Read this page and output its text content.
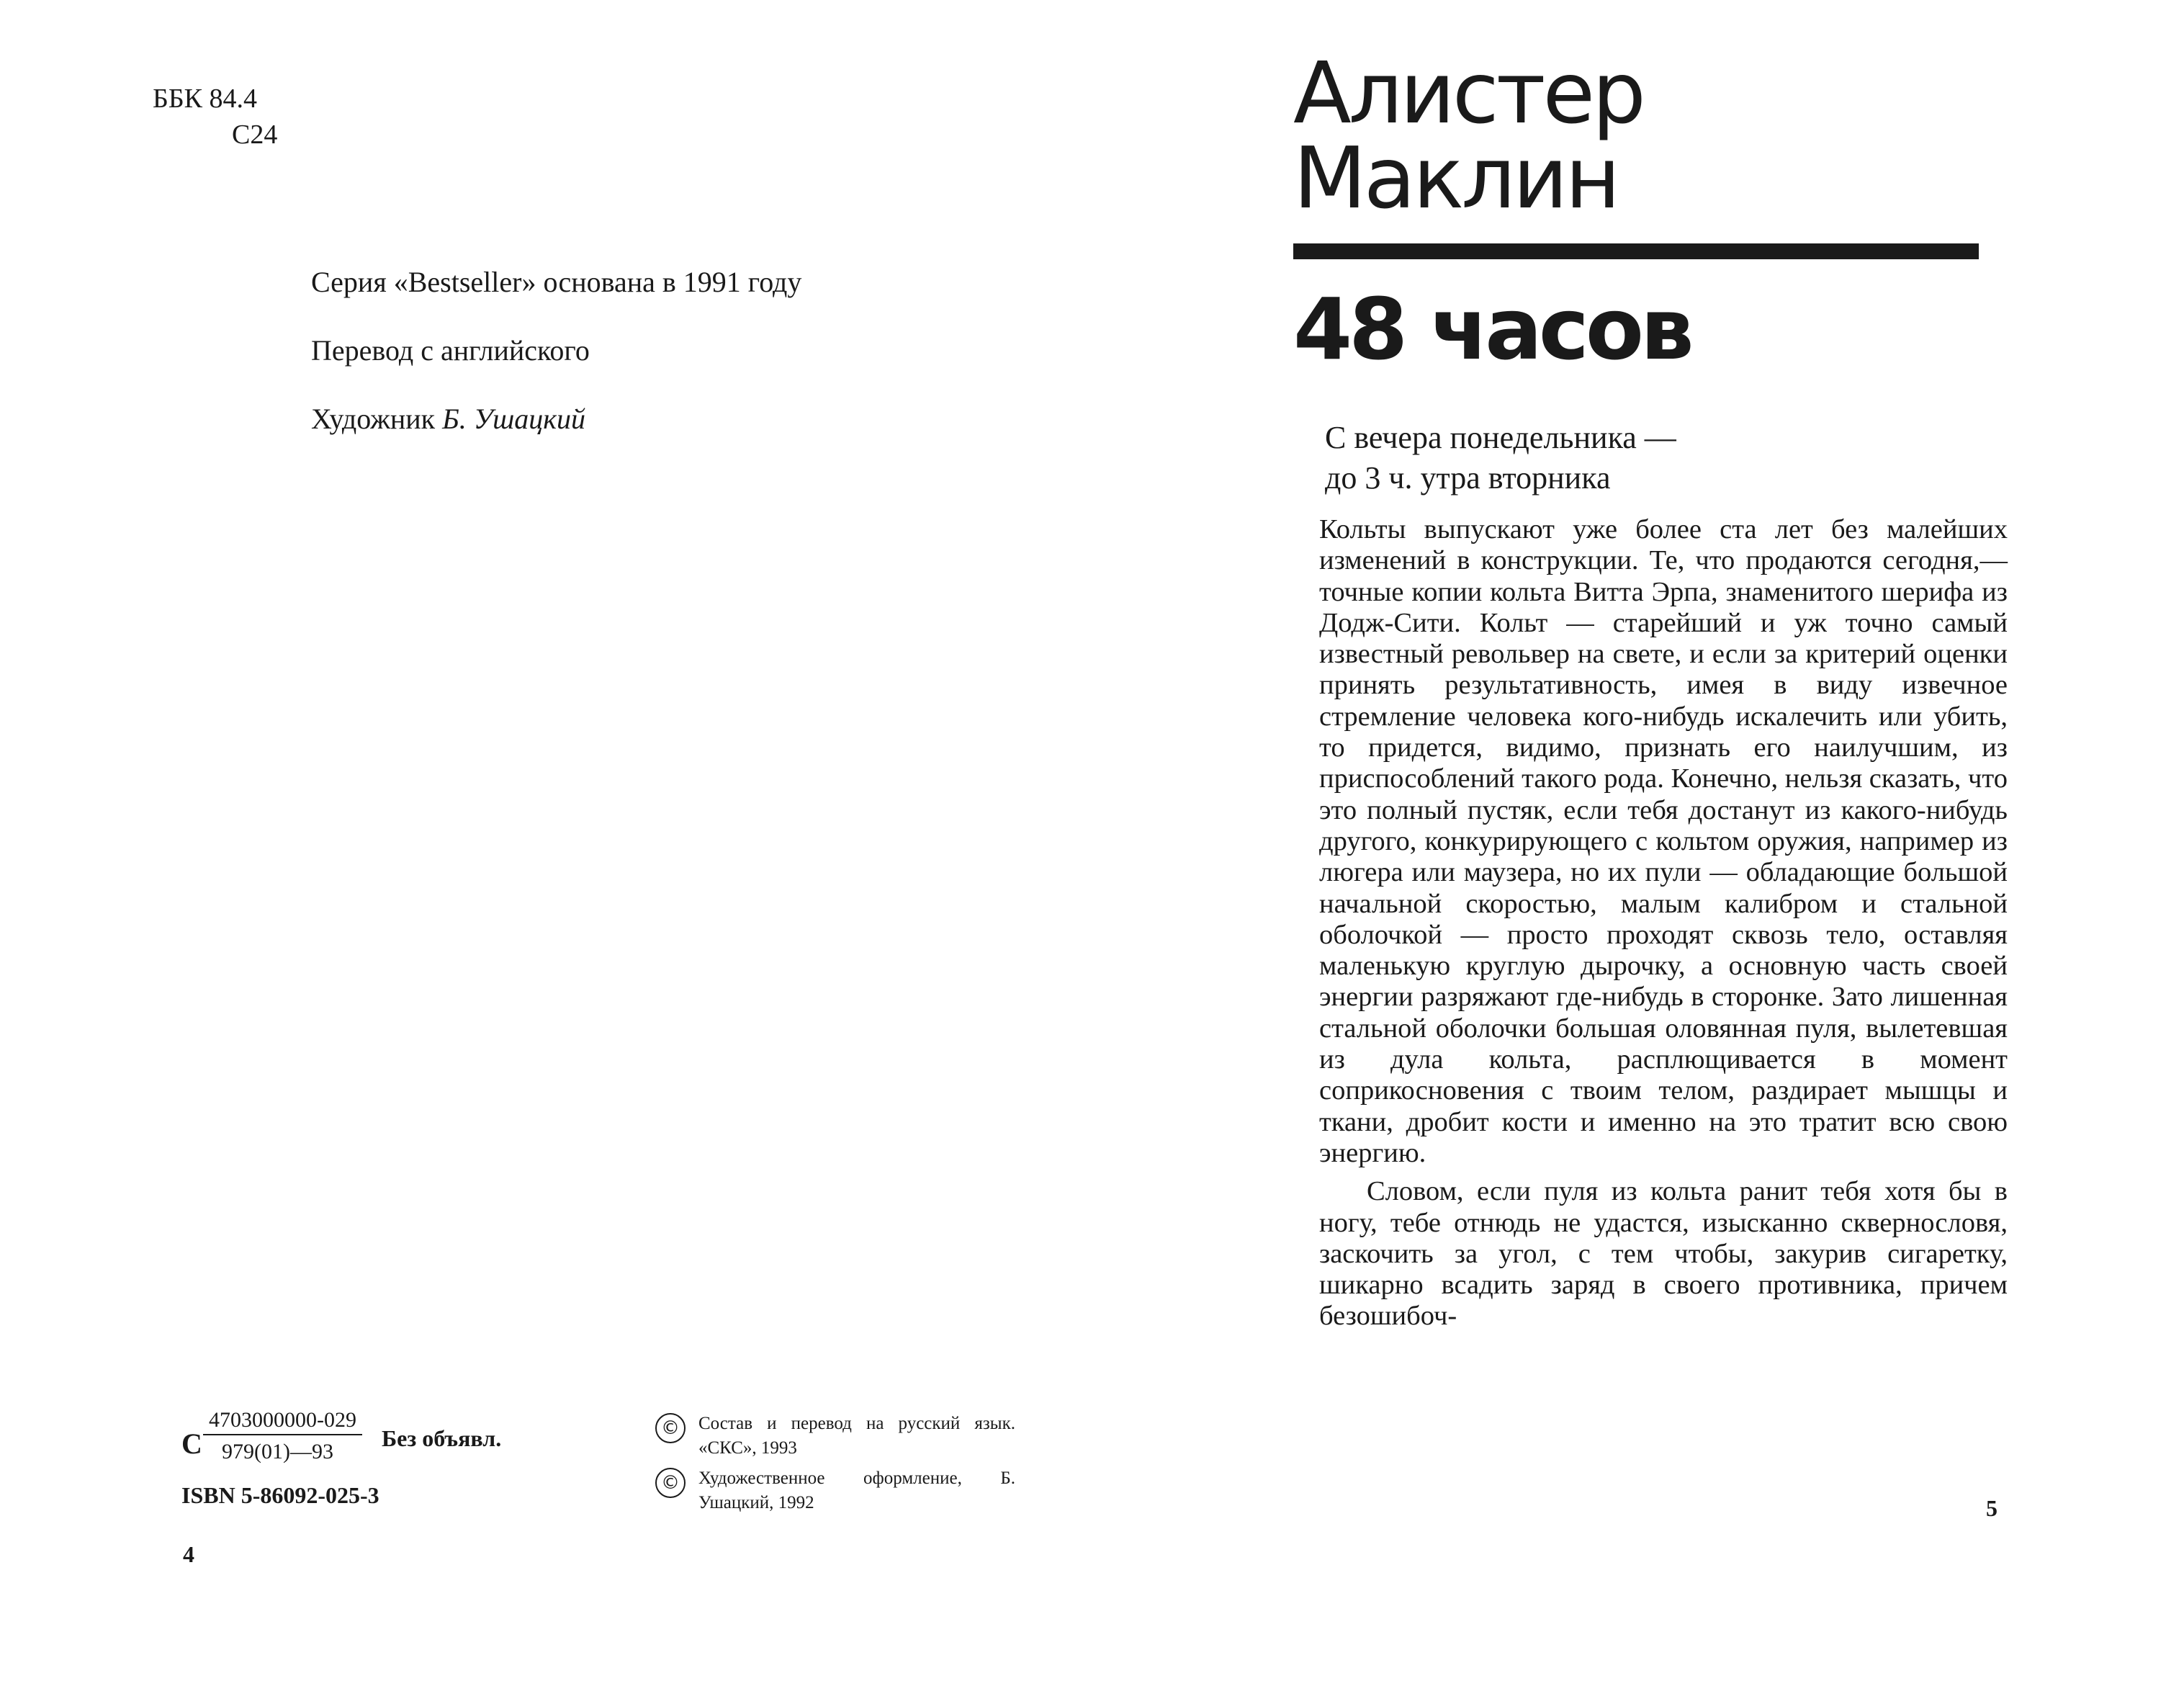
ББК 84.4
С24
Серия «Bestseller» основана в 1991 году
Перевод с английского
Художник Б. Ушацкий
С
4703000000-029
979(01)—93
Без объявл.
ISBN 5-86092-025-3
©	Состав и перевод на русский язык. «СКС», 1993
©	Художественное оформление, Б. Ушацкий, 1992
4
Алистер
Маклин
48 часов
С вечера понедельника —
до 3 ч. утра вторника

Кольты выпускают уже более ста лет без малейших изменений в конструкции. Те, что продаются сегодня,— точные копии кольта Витта Эрпа, знаменитого шерифа из Додж-Сити. Кольт — старейший и уж точно самый известный револьвер на свете, и если за критерий оценки принять результативность, имея в виду извечное стремление человека кого-нибудь искалечить или убить, то придется, видимо, признать его наилучшим, из приспособлений такого рода. Конечно, нельзя сказать, что это полный пустяк, если тебя достанут из какого-нибудь другого, конкурирующего с кольтом оружия, например из люгера или маузера, но их пули — обладающие большой начальной скоростью, малым калибром и стальной оболочкой — просто проходят сквозь тело, оставляя маленькую круглую дырочку, а основную часть своей энергии разряжают где-нибудь в сторонке. Зато лишенная стальной оболочки большая оловянная пуля, вылетевшая из дула кольта, расплющивается в момент соприкосновения с твоим телом, раздирает мышцы и ткани, дробит кости и именно на это тратит всю свою энергию.

Словом, если пуля из кольта ранит тебя хотя бы в ногу, тебе отнюдь не удастся, изысканно сквернословя, заскочить за угол, с тем чтобы, закурив сигаретку, шикарно всадить заряд в своего противника, причем безошибоч-

5
